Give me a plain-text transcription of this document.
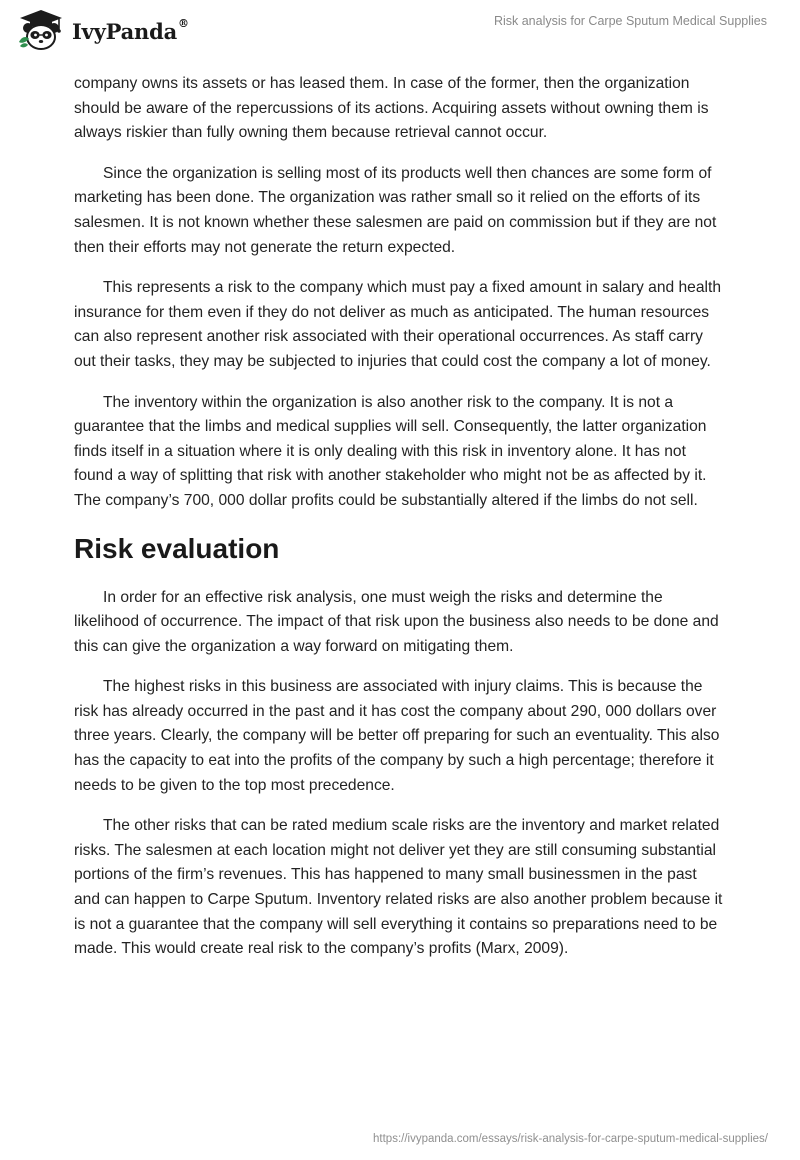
IvyPanda®	Risk analysis for Carpe Sputum Medical Supplies

company owns its assets or has leased them. In case of the former, then the organization should be aware of the repercussions of its actions. Acquiring assets without owning them is always riskier than fully owning them because retrieval cannot occur.

Since the organization is selling most of its products well then chances are some form of marketing has been done. The organization was rather small so it relied on the efforts of its salesmen. It is not known whether these salesmen are paid on commission but if they are not then their efforts may not generate the return expected.

This represents a risk to the company which must pay a fixed amount in salary and health insurance for them even if they do not deliver as much as anticipated. The human resources can also represent another risk associated with their operational occurrences. As staff carry out their tasks, they may be subjected to injuries that could cost the company a lot of money.

The inventory within the organization is also another risk to the company. It is not a guarantee that the limbs and medical supplies will sell. Consequently, the latter organization finds itself in a situation where it is only dealing with this risk in inventory alone. It has not found a way of splitting that risk with another stakeholder who might not be as affected by it. The company’s 700, 000 dollar profits could be substantially altered if the limbs do not sell.

Risk evaluation

In order for an effective risk analysis, one must weigh the risks and determine the likelihood of occurrence. The impact of that risk upon the business also needs to be done and this can give the organization a way forward on mitigating them.

The highest risks in this business are associated with injury claims. This is because the risk has already occurred in the past and it has cost the company about 290, 000 dollars over three years. Clearly, the company will be better off preparing for such an eventuality. This also has the capacity to eat into the profits of the company by such a high percentage; therefore it needs to be given to the top most precedence.

The other risks that can be rated medium scale risks are the inventory and market related risks. The salesmen at each location might not deliver yet they are still consuming substantial portions of the firm’s revenues. This has happened to many small businessmen in the past and can happen to Carpe Sputum. Inventory related risks are also another problem because it is not a guarantee that the company will sell everything it contains so preparations need to be made. This would create real risk to the company’s profits (Marx, 2009).

https://ivypanda.com/essays/risk-analysis-for-carpe-sputum-medical-supplies/
